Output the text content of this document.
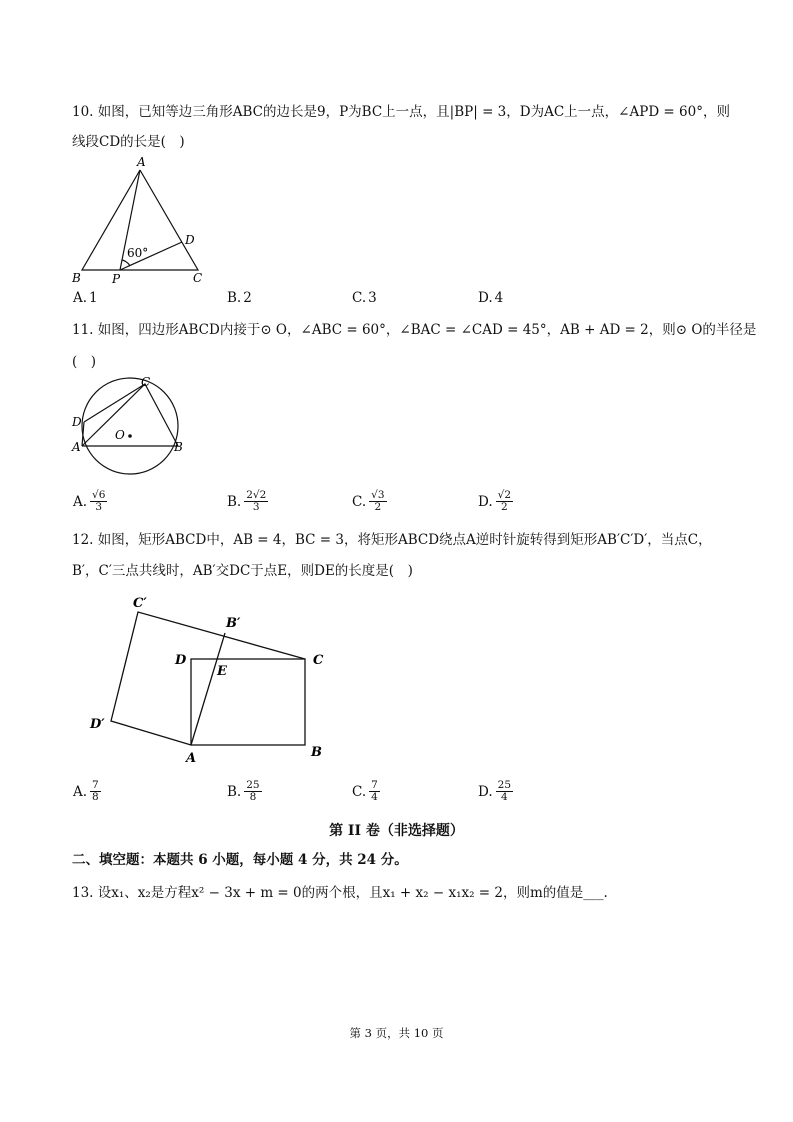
10. 如图，已知等边三角形ABC的边长是9，P为BC上一点，且|BP| = 3，D为AC上一点，∠APD = 60°，则
线段CD的长是(　)
A
B	C
P
D
60°
A. 1	B. 2	C. 3	D. 4
11. 如图，四边形ABCD内接于⊙ O，∠ABC = 60°，∠BAC = ∠CAD = 45°，AB + AD = 2，则⊙ O的半径是
(　)
C
D
A	B
O
A. $\frac{√6}{3}$	B. $\frac{2√2}{3}$	C. $\frac{√3}{2}$	D. $\frac{√2}{2}$
12. 如图，矩形ABCD中，AB = 4，BC = 3，将矩形ABCD绕点A逆时针旋转得到矩形AB′C′D′，当点C，
B′，C′三点共线时，AB′交DC于点E，则DE的长度是(　)
C′
B′
D
E
C
D′
A	B
A. $\frac{7}{8}$	B. $\frac{25}{8}$	C. $\frac{7}{4}$	D. $\frac{25}{4}$
第 II 卷（非选择题）
二、填空题：本题共 6 小题，每小题 4 分，共 24 分。
13. 设x₁、x₂是方程x² − 3x + m = 0的两个根，且x₁ + x₂ − x₁x₂ = 2，则m的值是___.
第 3 页，共 10 页
